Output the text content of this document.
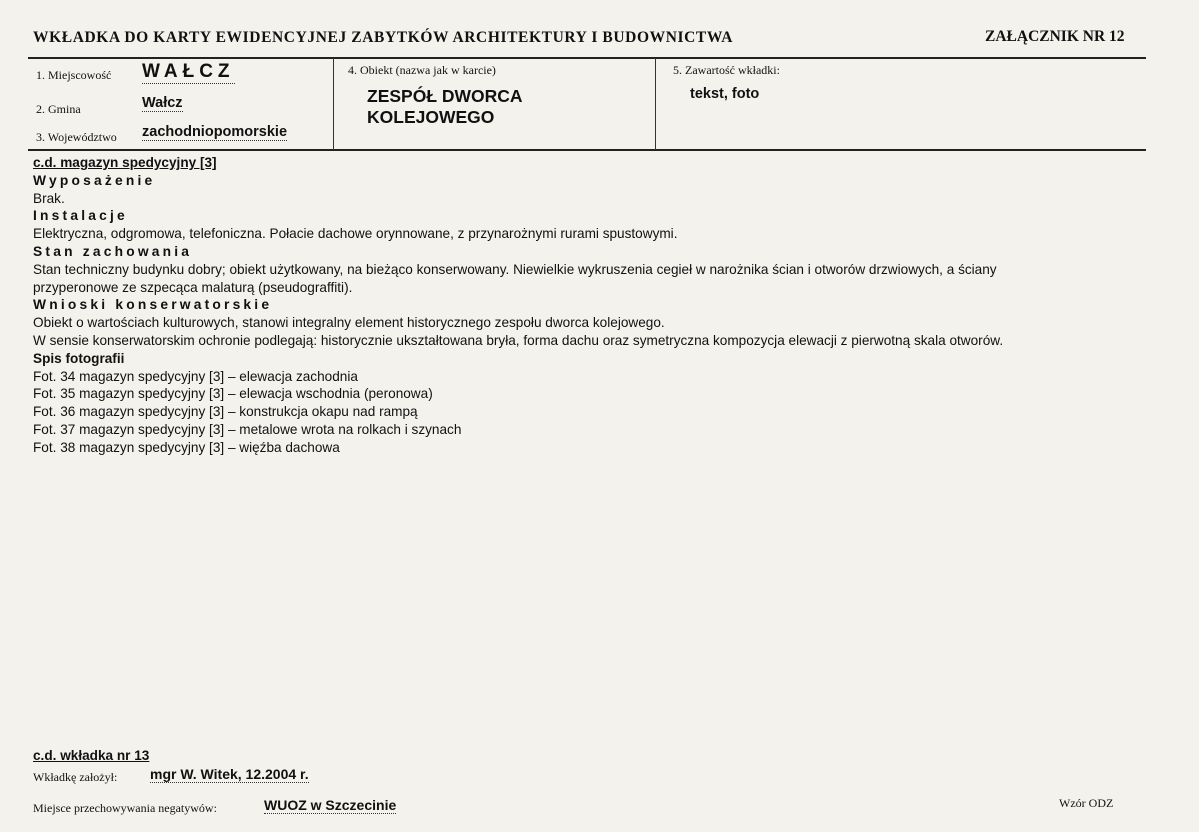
WKŁADKA DO KARTY EWIDENCYJNEJ ZABYTKÓW ARCHITEKTURY I BUDOWNICTWA	ZAŁĄCZNIK NR 12
1. Miejscowość WAŁCZ
2. Gmina	Wałcz
3. Województwo zachodniopomorskie
4. Obiekt (nazwa jak w karcie)
ZESPÓŁ DWORCA
KOLEJOWEGO
5. Zawartość wkładki:
tekst, foto
c.d. magazyn spedycyjny [3]
Wyposażenie
Brak.
Instalacje
Elektryczna, odgromowa, telefoniczna. Połacie dachowe orynnowane, z przynarożnymi rurami spustowymi.
Stan zachowania
Stan techniczny budynku dobry; obiekt użytkowany, na bieżąco konserwowany. Niewielkie wykruszenia cegieł w narożnika ścian i otworów drzwiowych, a ściany
przyperonowe ze szpecąca malaturą (pseudograffiti).
Wnioski konserwatorskie
Obiekt o wartościach kulturowych, stanowi integralny element historycznego zespołu dworca kolejowego.
W sensie konserwatorskim ochronie podlegają: historycznie ukształtowana bryła, forma dachu oraz symetryczna kompozycja elewacji z pierwotną skala otworów.
Spis fotografii
Fot. 34 magazyn spedycyjny [3] – elewacja zachodnia
Fot. 35 magazyn spedycyjny [3] – elewacja wschodnia (peronowa)
Fot. 36 magazyn spedycyjny [3] – konstrukcja okapu nad rampą
Fot. 37 magazyn spedycyjny [3] – metalowe wrota na rolkach i szynach
Fot. 38 magazyn spedycyjny [3] – więźba dachowa
c.d. wkładka nr 13
Wkładkę założył: mgr W. Witek, 12.2004 r.
Miejsce przechowywania negatywów:	WUOZ w Szczecinie	Wzór ODZ
